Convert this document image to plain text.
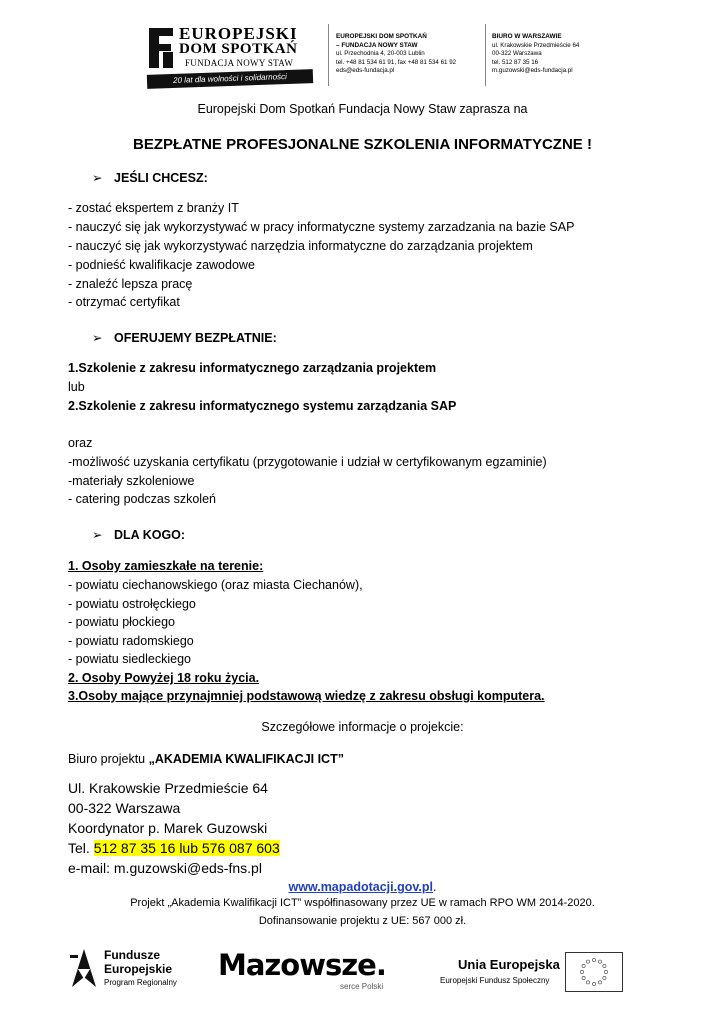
EUROPEJSKI
DOM SPOTKAŃ
FUNDACJA NOWY STAW
20 lat dla wolności i solidarności
EUROPEJSKI DOM SPOTKAŃ
– FUNDACJA NOWY STAW
ul. Przechodnia 4, 20-003 Lublin
tel. +48 81 534 61 91, fax +48 81 534 61 92
eds@eds-fundacja.pl
BIURO W WARSZAWIE
ul. Krakowskie Przedmieście 64
00-322 Warszawa
tel. 512 87 35 16
m.guzowski@eds-fundacja.pl
Europejski Dom Spotkań Fundacja Nowy Staw zaprasza na
BEZPŁATNE PROFESJONALNE SZKOLENIA INFORMATYCZNE !
➢ JEŚLI CHCESZ:
- zostać ekspertem z branży IT
- nauczyć się jak wykorzystywać w pracy informatyczne systemy zarzadzania na bazie SAP
- nauczyć się jak wykorzystywać narzędzia informatyczne do zarządzania projektem
- podnieść kwalifikacje zawodowe
- znaleźć lepsza pracę
- otrzymać certyfikat
➢ OFERUJEMY BEZPŁATNIE:
1.Szkolenie z zakresu informatycznego zarządzania projektem
lub
2.Szkolenie z zakresu informatycznego systemu zarządzania SAP
oraz
-możliwość uzyskania certyfikatu (przygotowanie i udział w certyfikowanym egzaminie)
-materiały szkoleniowe
- catering podczas szkoleń
➢ DLA KOGO:
1. Osoby zamieszkałe na terenie:
- powiatu ciechanowskiego (oraz miasta Ciechanów),
- powiatu ostrołęckiego
- powiatu płockiego
- powiatu radomskiego
- powiatu siedleckiego
2. Osoby Powyżej 18 roku życia.
3.Osoby mające przynajmniej podstawową wiedzę z zakresu obsługi komputera.
Szczegółowe informacje o projekcie:
Biuro projektu „AKADEMIA KWALIFIKACJI ICT”
Ul. Krakowskie Przedmieście 64
00-322 Warszawa
Koordynator p. Marek Guzowski
Tel. 512 87 35 16 lub 576 087 603
e-mail: m.guzowski@eds-fns.pl
www.mapadotacji.gov.pl.
Projekt „Akademia Kwalifikacji ICT” współfinasowany przez UE w ramach RPO WM 2014-2020.
Dofinansowanie projektu z UE: 567 000 zł.
Fundusze
Europejskie
Program Regionalny
Mazowsze.
serce Polski
Unia Europejska
Europejski Fundusz Społeczny
